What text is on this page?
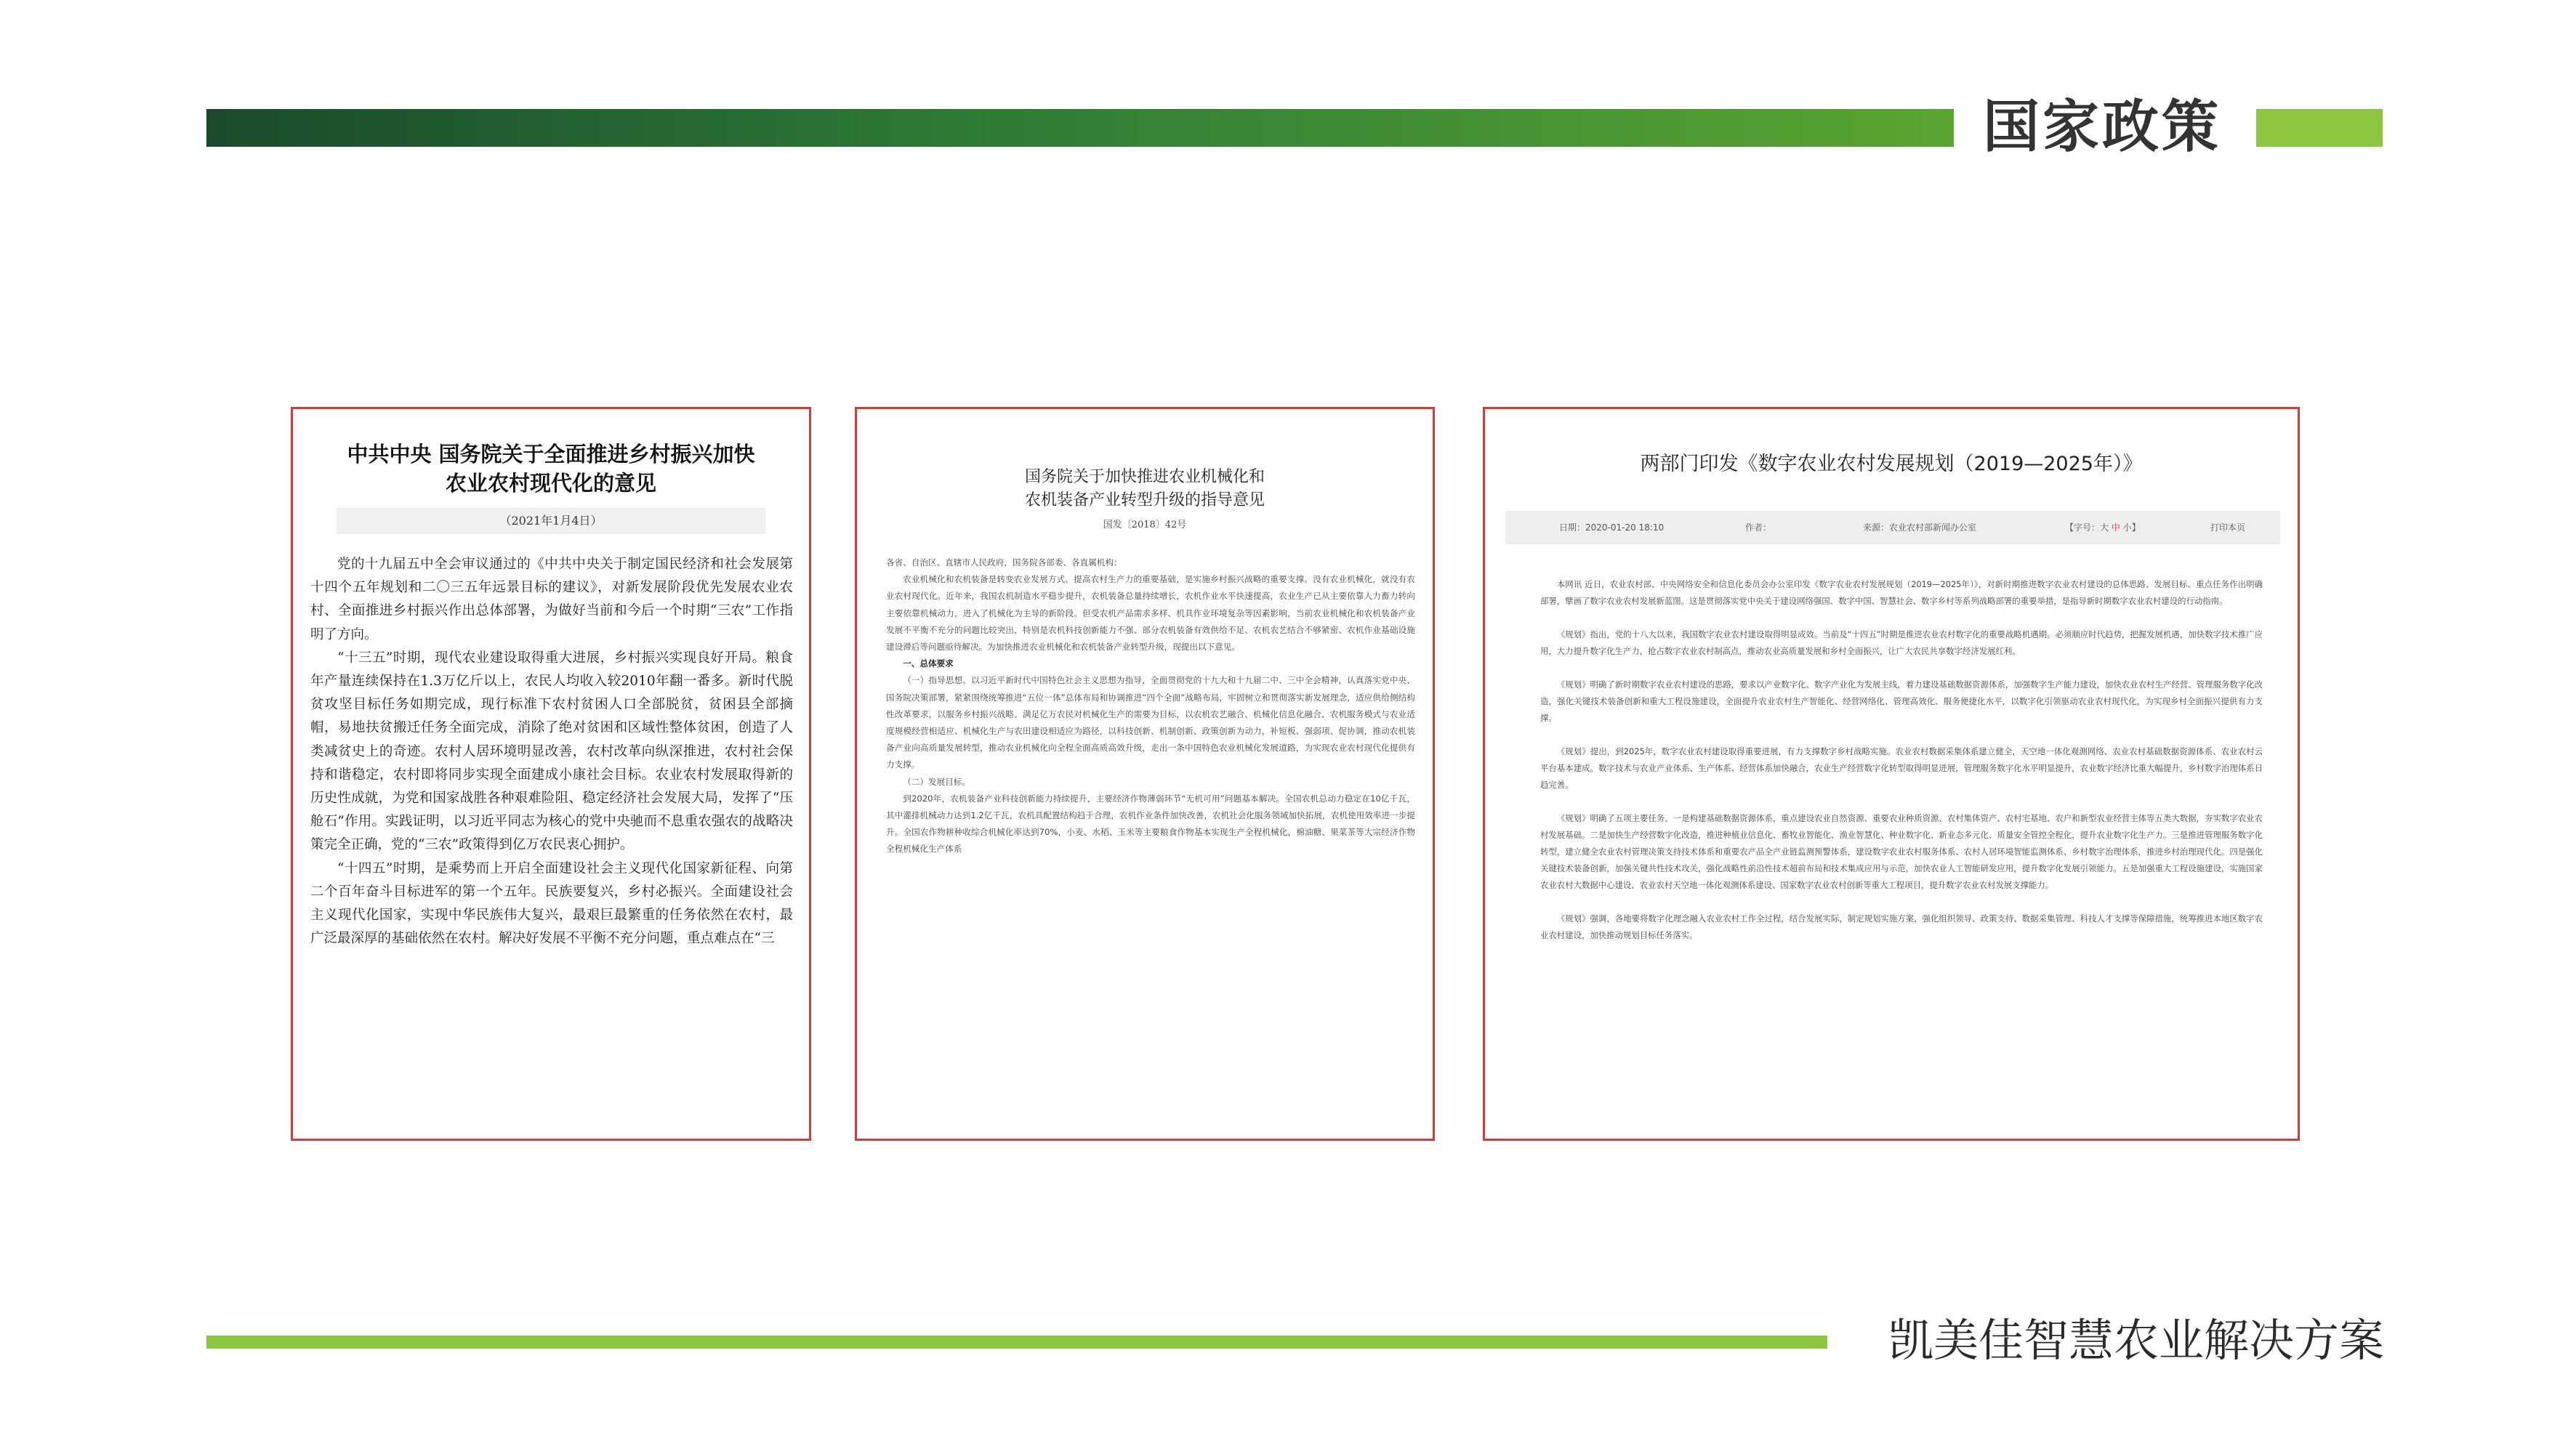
国家政策
中共中央 国务院关于全面推进乡村振兴加快
农业农村现代化的意见
（2021年1月4日）

党的十九届五中全会审议通过的《中共中央关于制定国民经济和社会发展第十四个五年规划和二〇三五年远景目标的建议》，对新发展阶段优先发展农业农村、全面推进乡村振兴作出总体部署，为做好当前和今后一个时期“三农”工作指明了方向。

“十三五”时期，现代农业建设取得重大进展，乡村振兴实现良好开局。粮食年产量连续保持在1.3万亿斤以上，农民人均收入较2010年翻一番多。新时代脱贫攻坚目标任务如期完成，现行标准下农村贫困人口全部脱贫，贫困县全部摘帽，易地扶贫搬迁任务全面完成，消除了绝对贫困和区域性整体贫困，创造了人类减贫史上的奇迹。农村人居环境明显改善，农村改革向纵深推进，农村社会保持和谐稳定，农村即将同步实现全面建成小康社会目标。农业农村发展取得新的历史性成就，为党和国家战胜各种艰难险阻、稳定经济社会发展大局，发挥了“压舱石”作用。实践证明，以习近平同志为核心的党中央驰而不息重农强农的战略决策完全正确，党的“三农”政策得到亿万农民衷心拥护。

“十四五”时期，是乘势而上开启全面建设社会主义现代化国家新征程、向第二个百年奋斗目标进军的第一个五年。民族要复兴，乡村必振兴。全面建设社会主义现代化国家，实现中华民族伟大复兴，最艰巨最繁重的任务依然在农村，最广泛最深厚的基础依然在农村。解决好发展不平衡不充分问题，重点难点在“三

国务院关于加快推进农业机械化和
农机装备产业转型升级的指导意见
国发〔2018〕42号

各省、自治区、直辖市人民政府，国务院各部委、各直属机构：

农业机械化和农机装备是转变农业发展方式、提高农村生产力的重要基础，是实施乡村振兴战略的重要支撑。没有农业机械化，就没有农业农村现代化。近年来，我国农机制造水平稳步提升，农机装备总量持续增长，农机作业水平快速提高，农业生产已从主要依靠人力畜力转向主要依靠机械动力，进入了机械化为主导的新阶段。但受农机产品需求多样、机具作业环境复杂等因素影响，当前农业机械化和农机装备产业发展不平衡不充分的问题比较突出，特别是农机科技创新能力不强、部分农机装备有效供给不足、农机农艺结合不够紧密、农机作业基础设施建设滞后等问题亟待解决。为加快推进农业机械化和农机装备产业转型升级，现提出以下意见。

一、总体要求

（一）指导思想。以习近平新时代中国特色社会主义思想为指导，全面贯彻党的十九大和十九届二中、三中全会精神，认真落实党中央、国务院决策部署，紧紧围绕统筹推进“五位一体”总体布局和协调推进“四个全面”战略布局，牢固树立和贯彻落实新发展理念，适应供给侧结构性改革要求，以服务乡村振兴战略、满足亿万农民对机械化生产的需要为目标，以农机农艺融合、机械化信息化融合、农机服务模式与农业适度规模经营相适应、机械化生产与农田建设相适应为路径，以科技创新、机制创新、政策创新为动力，补短板、强弱项、促协调，推动农机装备产业向高质量发展转型，推动农业机械化向全程全面高质高效升级，走出一条中国特色农业机械化发展道路，为实现农业农村现代化提供有力支撑。

（二）发展目标。

到2020年，农机装备产业科技创新能力持续提升，主要经济作物薄弱环节“无机可用”问题基本解决。全国农机总动力稳定在10亿千瓦，其中灌排机械动力达到1.2亿千瓦，农机具配置结构趋于合理，农机作业条件加快改善，农机社会化服务领域加快拓展，农机使用效率进一步提升。全国农作物耕种收综合机械化率达到70%，小麦、水稻、玉米等主要粮食作物基本实现生产全程机械化，棉油糖、果菜茶等大宗经济作物全程机械化生产体系

两部门印发《数字农业农村发展规划（2019—2025年）》
日期：2020-01-20 18:10	作者：	来源：农业农村部新闻办公室	【字号：大 中 小】	打印本页

本网讯 近日，农业农村部、中央网络安全和信息化委员会办公室印发《数字农业农村发展规划（2019—2025年）》，对新时期推进数字农业农村建设的总体思路、发展目标、重点任务作出明确部署，擘画了数字农业农村发展新蓝图。这是贯彻落实党中央关于建设网络强国、数字中国、智慧社会、数字乡村等系列战略部署的重要举措，是指导新时期数字农业农村建设的行动指南。

《规划》指出，党的十八大以来，我国数字农业农村建设取得明显成效。当前及“十四五”时期是推进农业农村数字化的重要战略机遇期。必须顺应时代趋势，把握发展机遇，加快数字技术推广应用，大力提升数字化生产力，抢占数字农业农村制高点，推动农业高质量发展和乡村全面振兴，让广大农民共享数字经济发展红利。

《规划》明确了新时期数字农业农村建设的思路，要求以产业数字化、数字产业化为发展主线，着力建设基础数据资源体系，加强数字生产能力建设，加快农业农村生产经营、管理服务数字化改造，强化关键技术装备创新和重大工程设施建设，全面提升农业农村生产智能化、经营网络化、管理高效化、服务便捷化水平，以数字化引领驱动农业农村现代化，为实现乡村全面振兴提供有力支撑。

《规划》提出，到2025年，数字农业农村建设取得重要进展，有力支撑数字乡村战略实施。农业农村数据采集体系建立健全，天空地一体化观测网络、农业农村基础数据资源体系、农业农村云平台基本建成。数字技术与农业产业体系、生产体系、经营体系加快融合，农业生产经营数字化转型取得明显进展，管理服务数字化水平明显提升，农业数字经济比重大幅提升，乡村数字治理体系日趋完善。

《规划》明确了五项主要任务。一是构建基础数据资源体系，重点建设农业自然资源、重要农业种质资源、农村集体资产、农村宅基地、农户和新型农业经营主体等五类大数据，夯实数字农业农村发展基础。二是加快生产经营数字化改造，推进种植业信息化、畜牧业智能化、渔业智慧化、种业数字化、新业态多元化、质量安全管控全程化，提升农业数字化生产力。三是推进管理服务数字化转型，建立健全农业农村管理决策支持技术体系和重要农产品全产业链监测预警体系，建设数字农业农村服务体系、农村人居环境智能监测体系、乡村数字治理体系，推进乡村治理现代化。四是强化关键技术装备创新，加强关键共性技术攻关，强化战略性前沿性技术超前布局和技术集成应用与示范，加快农业人工智能研发应用，提升数字化发展引领能力。五是加强重大工程设施建设，实施国家农业农村大数据中心建设、农业农村天空地一体化观测体系建设、国家数字农业农村创新等重大工程项目，提升数字农业农村发展支撑能力。

《规划》强调，各地要将数字化理念融入农业农村工作全过程，结合发展实际，制定规划实施方案，强化组织领导、政策支持、数据采集管理、科技人才支撑等保障措施，统筹推进本地区数字农业农村建设，加快推动规划目标任务落实。

凯美佳智慧农业解决方案
